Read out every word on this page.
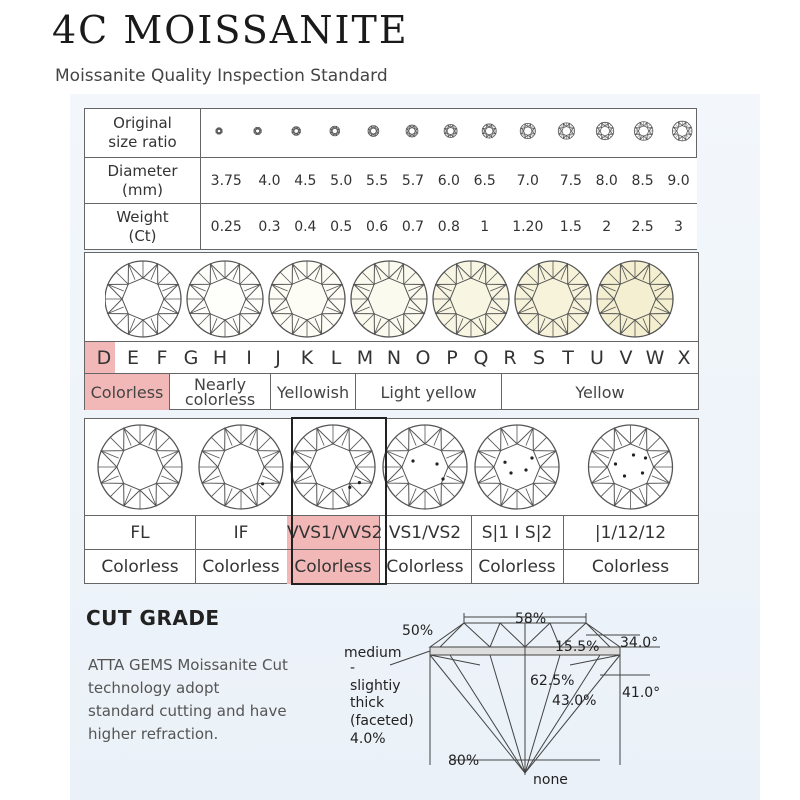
4C MOISSANITE
Moissanite Quality Inspection Standard
Original
size ratio	
Diameter
(mm)	3.75	4.0	4.5	5.0	5.5	5.7	6.0	6.5	7.0	7.5	8.0	8.5	9.0
Weight
(Ct)	0.25	0.3	0.4	0.5	0.6	0.7	0.8	1	1.20	1.5	2	2.5	3
D E F G H	I	J	K L M N O P Q R S T U V W X
Colorless	Nearly
colorless	Yellowish	Light yellow	Yellow
FL	IF	VVS1/VVS2 VS1/VS2	S|1 I S|2	|1/12/12
Colorless	Colorless Colorless Colorless Colorless	Colorless
CUT GRADE
ATTA GEMS Moissanite Cut technology adopt standard cutting and have higher refraction.
50%
58%
15.5% 34.0°
62.5%
43.0% 41.0°
medium
-
slightiy
thick
(faceted)
4.0%
80%
none
